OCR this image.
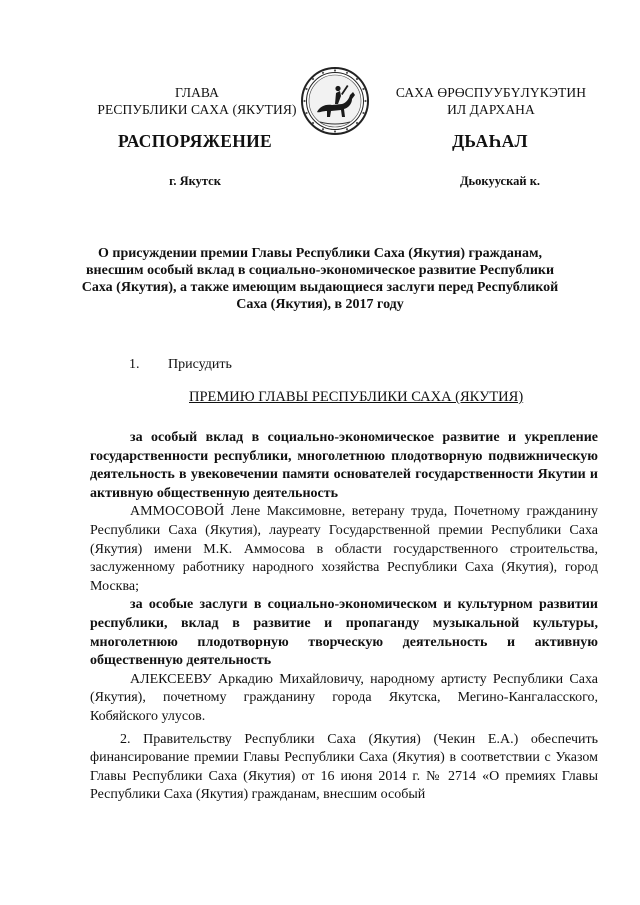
ГЛАВА
РЕСПУБЛИКИ САХА (ЯКУТИЯ)
САХА ӨРӨСПУУБҮЛҮКЭТИН
ИЛ ДАРХАНА
РАСПОРЯЖЕНИЕ	ДЬАҺАЛ
г. Якутск	Дьокуускай к.
О присуждении премии Главы Республики Саха (Якутия) гражданам, внесшим особый вклад в социально-экономическое развитие Республики Саха (Якутия), а также имеющим выдающиеся заслуги перед Республикой Саха (Якутия), в 2017 году
1. Присудить
ПРЕМИЮ ГЛАВЫ РЕСПУБЛИКИ САХА (ЯКУТИЯ)

за особый вклад в социально-экономическое развитие и укрепление государственности республики, многолетнюю плодотворную подвижническую деятельность в увековечении памяти основателей государственности Якутии и активную общественную деятельность

АММОСОВОЙ Лене Максимовне, ветерану труда, Почетному гражданину Республики Саха (Якутия), лауреату Государственной премии Республики Саха (Якутия) имени М.К. Аммосова в области государственного строительства, заслуженному работнику народного хозяйства Республики Саха (Якутия), город Москва;

за особые заслуги в социально-экономическом и культурном развитии республики, вклад в развитие и пропаганду музыкальной культуры, многолетнюю плодотворную творческую деятельность и активную общественную деятельность

АЛЕКСЕЕВУ Аркадию Михайловичу, народному артисту Республики Саха (Якутия), почетному гражданину города Якутска, Мегино-Кангаласского, Кобяйского улусов.

2. Правительству Республики Саха (Якутия) (Чекин Е.А.) обеспечить финансирование премии Главы Республики Саха (Якутия) в соответствии с Указом Главы Республики Саха (Якутия) от 16 июня 2014 г. № 2714 «О премиях Главы Республики Саха (Якутия) гражданам, внесшим особый
